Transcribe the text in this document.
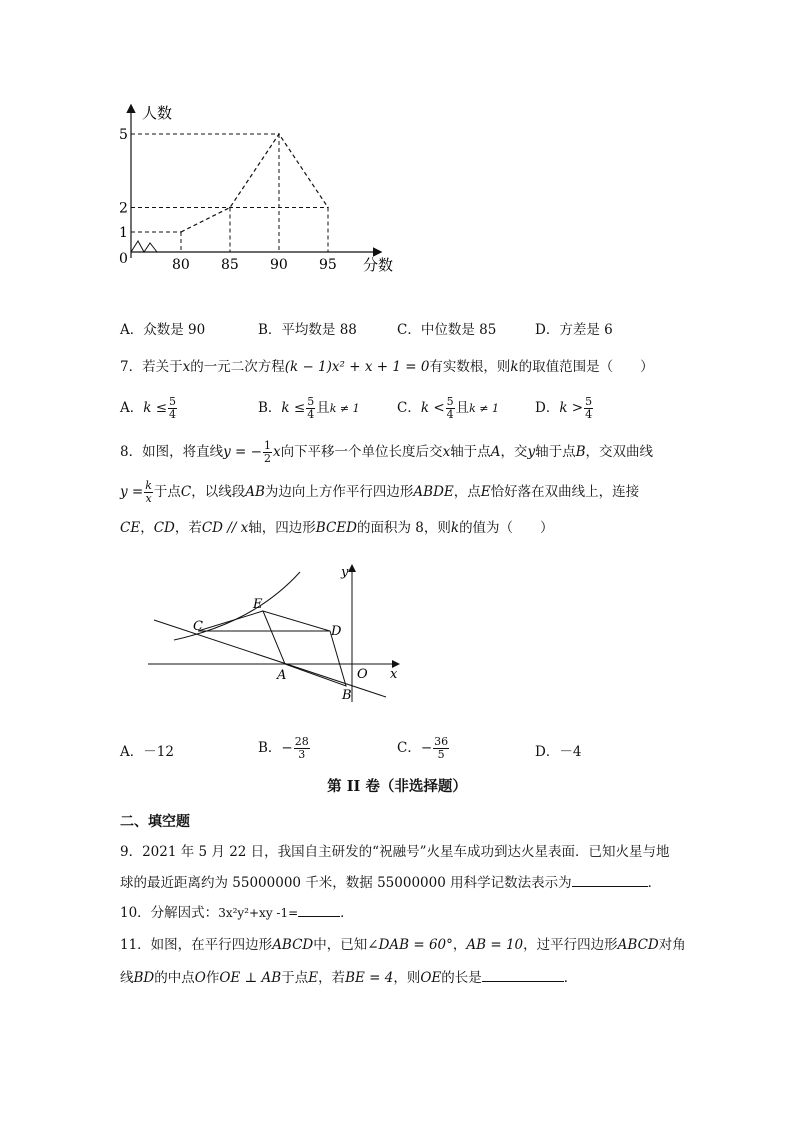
人数
分数
0	80 85 90 95
1
2
5
A．众数是 90	B．平均数是 88	C．中位数是 85	D．方差是 6
7．若关于x的一元二次方程(k − 1)x² + x + 1 = 0有实数根，则k的取值范围是（　　）
A．$k \le \frac{5}{4}$	B．$k \le \frac{5}{4}$ 且k ≠ 1	C．$k < \frac{5}{4}$ 且k ≠ 1	D．$k > \frac{5}{4}$
8．如图，将直线y = − $\frac{1}{2}$ x向下平移一个单位长度后交x轴于点A，交y轴于点B，交双曲线
$y = \frac{k}{x}$ 于点C，以线段AB为边向上方作平行四边形ABDE，点E恰好落在双曲线上，连接
CE，CD，若CD // x轴，四边形BCED的面积为 8，则k的值为（　　）
y
x
E
C	D
A	O
B
A．－12	B．− $\frac{28}{3}$	C．− $\frac{36}{5}$	D．－4
第 II 卷（非选择题）
二、填空题
9．2021 年 5 月 22 日，我国自主研发的“祝融号”火星车成功到达火星表面．已知火星与地
球的最近距离约为 55000000 千米，数据 55000000 用科学记数法表示为	．
10．分解因式：3x²y²+xy -1=	．
11．如图，在平行四边形ABCD中，已知∠DAB = 60°，AB = 10，过平行四边形ABCD对角
线BD的中点O作OE ⊥ AB于点E，若BE = 4，则OE的长是	．
